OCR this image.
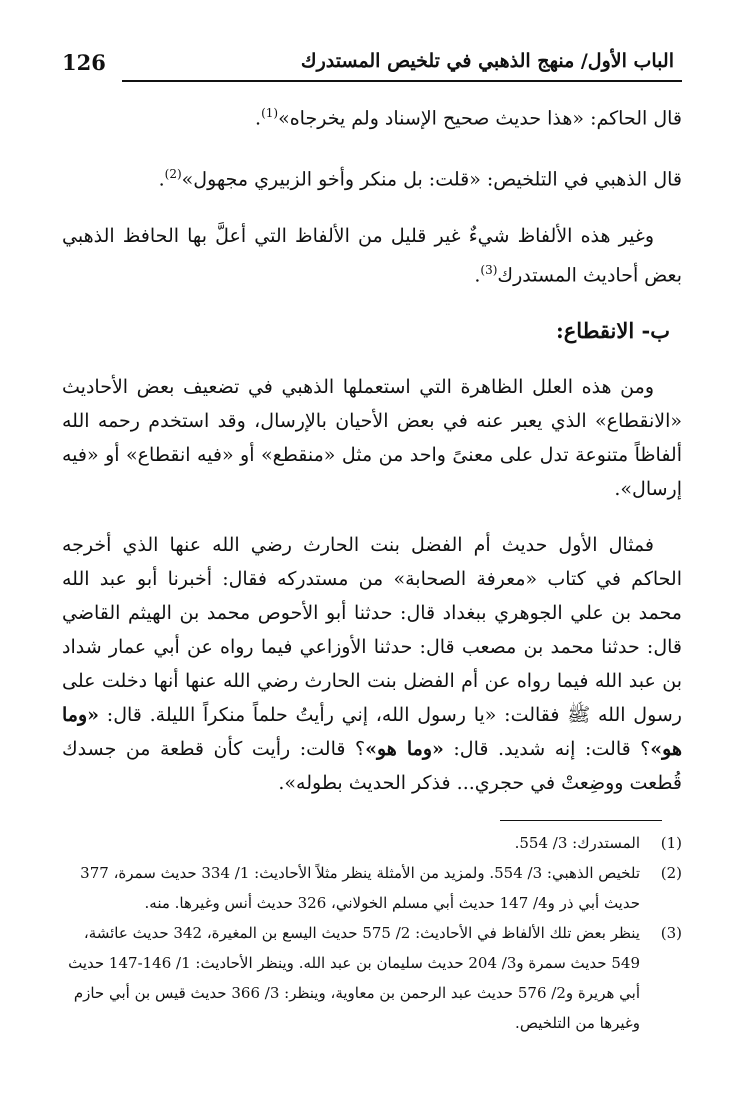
126	الباب الأول/ منهج الذهبي في تلخيص المستدرك

قال الحاكم: «هذا حديث صحيح الإسناد ولم يخرجاه»$^{(1)}$.

قال الذهبي في التلخيص: «قلت: بل منكر وأخو الزبيري مجهول»$^{(2)}$.

وغير هذه الألفاظ شيءٌ غير قليل من الألفاظ التي أعلَّ بها الحافظ الذهبي بعض أحاديث المستدرك$^{(3)}$.

ب- الانقطاع:

ومن هذه العلل الظاهرة التي استعملها الذهبي في تضعيف بعض الأحاديث «الانقطاع» الذي يعبر عنه في بعض الأحيان بالإرسال، وقد استخدم رحمه الله ألفاظاً متنوعة تدل على معنىً واحد من مثل «منقطع» أو «فيه انقطاع» أو «فيه إرسال».

فمثال الأول حديث أم الفضل بنت الحارث رضي الله عنها الذي أخرجه الحاكم في كتاب «معرفة الصحابة» من مستدركه فقال: أخبرنا أبو عبد الله محمد بن علي الجوهري ببغداد قال: حدثنا أبو الأحوص محمد بن الهيثم القاضي قال: حدثنا محمد بن مصعب قال: حدثنا الأوزاعي فيما رواه عن أبي عمار شداد بن عبد الله فيما رواه عن أم الفضل بنت الحارث رضي الله عنها أنها دخلت على رسول الله ﷺ فقالت: «يا رسول الله، إني رأيتُ حلماً منكراً الليلة. قال: «وما هو»؟ قالت: إنه شديد. قال: «وما هو»؟ قالت: رأيت كأن قطعة من جسدك قُطعت ووضِعتْ في حجري... فذكر الحديث بطوله».

(1)
المستدرك: 3/ 554.

(2)
تلخيص الذهبي: 3/ 554. ولمزيد من الأمثلة ينظر مثلاً الأحاديث: 1/ 334 حديث سمرة، 377 حديث أبي ذر و4/ 147 حديث أبي مسلم الخولاني، 326 حديث أنس وغيرها. منه.

(3)
ينظر بعض تلك الألفاظ في الأحاديث: 2/ 575 حديث اليسع بن المغيرة، 342 حديث عائشة، 549 حديث سمرة و3/ 204 حديث سليمان بن عبد الله. وينظر الأحاديث: 1/ 146-147 حديث أبي هريرة و2/ 576 حديث عبد الرحمن بن معاوية، وينظر: 3/ 366 حديث قيس بن أبي حازم وغيرها من التلخيص.
